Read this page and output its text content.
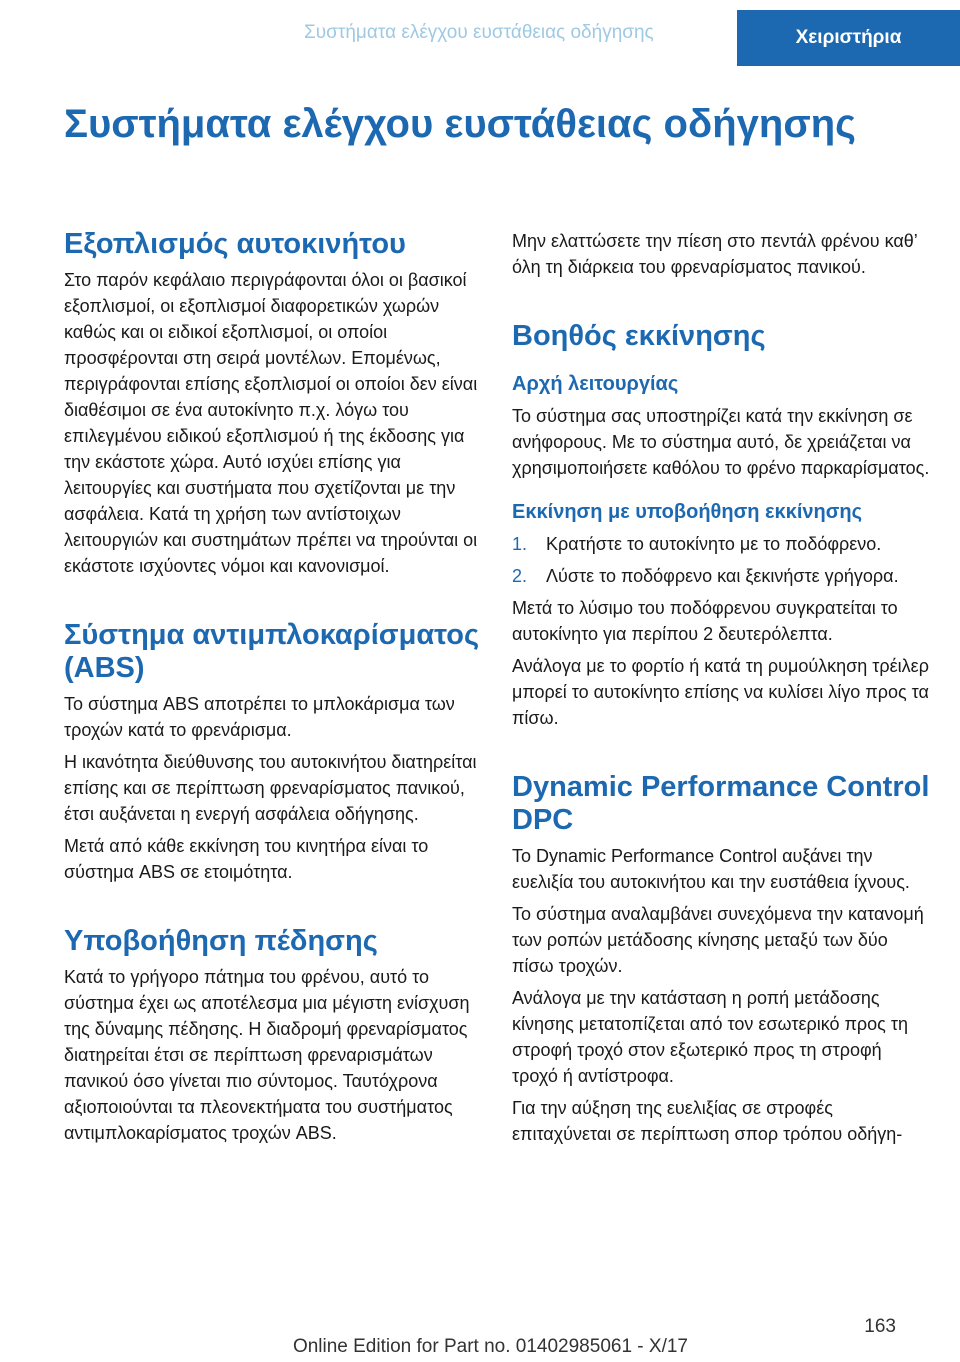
Συστήματα ελέγχου ευστάθειας οδήγησης	Χειριστήρια
Συστήματα ελέγχου ευστάθειας οδήγησης
Εξοπλισμός αυτοκινήτου

Στο παρόν κεφάλαιο περιγράφονται όλοι οι βασικοί εξοπλισμοί, οι εξοπλισμοί διαφορετικών χωρών καθώς και οι ειδικοί εξοπλισμοί, οι οποίοι προσφέρονται στη σειρά μοντέλων. Επομένως, περιγράφονται επίσης εξοπλισμοί οι οποίοι δεν είναι διαθέσιμοι σε ένα αυτοκίνητο π.χ. λόγω του επιλεγμένου ειδικού εξοπλισμού ή της έκδοσης για την εκάστοτε χώρα. Αυτό ισχύει επίσης για λειτουργίες και συστήματα που σχετίζονται με την ασφάλεια. Κατά τη χρήση των αντίστοιχων λειτουργιών και συστημάτων πρέπει να τηρούνται οι εκάστοτε ισχύοντες νόμοι και κανονισμοί.

Σύστημα αντιμπλοκαρίσματος (ABS)

Το σύστημα ABS αποτρέπει το μπλοκάρισμα των τροχών κατά το φρενάρισμα.

Η ικανότητα διεύθυνσης του αυτοκινήτου διατηρείται επίσης και σε περίπτωση φρεναρίσματος πανικού, έτσι αυξάνεται η ενεργή ασφάλεια οδήγησης.

Μετά από κάθε εκκίνηση του κινητήρα είναι το σύστημα ABS σε ετοιμότητα.

Υποβοήθηση πέδησης

Κατά το γρήγορο πάτημα του φρένου, αυτό το σύστημα έχει ως αποτέλεσμα μια μέγιστη ενίσχυση της δύναμης πέδησης. Η διαδρομή φρεναρίσματος διατηρείται έτσι σε περίπτωση φρεναρισμάτων πανικού όσο γίνεται πιο σύντομος. Ταυτόχρονα αξιοποιούνται τα πλεονεκτήματα του συστήματος αντιμπλοκαρίσματος τροχών ABS.

Μην ελαττώσετε την πίεση στο πεντάλ φρένου καθ’ όλη τη διάρκεια του φρεναρίσματος πανικού.

Βοηθός εκκίνησης
Αρχή λειτουργίας

Το σύστημα σας υποστηρίζει κατά την εκκίνηση σε ανήφορους. Με το σύστημα αυτό, δε χρειάζεται να χρησιμοποιήσετε καθόλου το φρένο παρκαρίσματος.

Εκκίνηση με υποβοήθηση εκκίνησης
1. Κρατήστε το αυτοκίνητο με το ποδόφρενο.
2. Λύστε το ποδόφρενο και ξεκινήστε γρήγορα.

Μετά το λύσιμο του ποδόφρενου συγκρατείται το αυτοκίνητο για περίπου 2 δευτερόλεπτα.

Ανάλογα με το φορτίο ή κατά τη ρυμούλκηση τρέιλερ μπορεί το αυτοκίνητο επίσης να κυλίσει λίγο προς τα πίσω.

Dynamic Performance Control DPC

Το Dynamic Performance Control αυξάνει την ευελιξία του αυτοκινήτου και την ευστάθεια ίχνους.

Το σύστημα αναλαμβάνει συνεχόμενα την κατανομή των ροπών μετάδοσης κίνησης μεταξύ των δύο πίσω τροχών.

Ανάλογα με την κατάσταση η ροπή μετάδοσης κίνησης μετατοπίζεται από τον εσωτερικό προς τη στροφή τροχό στον εξωτερικό προς τη στροφή τροχό ή αντίστροφα.

Για την αύξηση της ευελιξίας σε στροφές επιταχύνεται σε περίπτωση σπορ τρόπου οδήγη-

163
Online Edition for Part no. 01402985061 - X/17
